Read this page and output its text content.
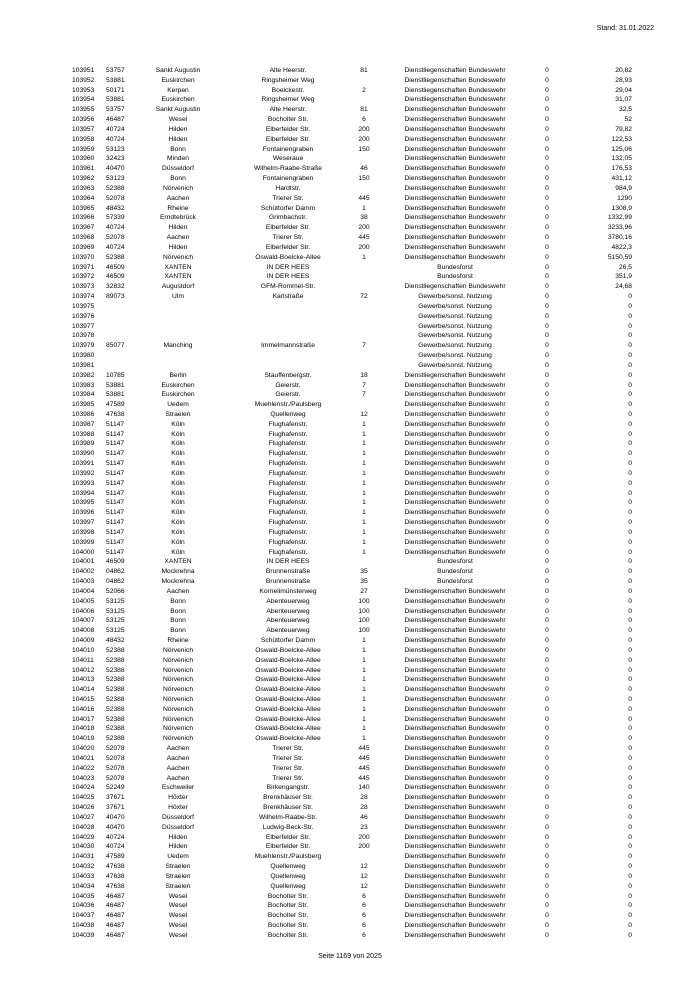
Stand: 31.01.2022
103951	53757	Sankt Augustin	Alte Heerstr.	81	Dienstliegenschaften Bundeswehr	0	20,82
103952	53881	Euskirchen	Ringsheimer Weg		Dienstliegenschaften Bundeswehr	0	28,93
103953	50171	Kerpen	Boelckestr.	2	Dienstliegenschaften Bundeswehr	0	29,04
103954	53881	Euskirchen	Ringsheimer Weg		Dienstliegenschaften Bundeswehr	0	31,07
103955	53757	Sankt Augustin	Alte Heerstr.	81	Dienstliegenschaften Bundeswehr	0	32,5
103956	46487	Wesel	Bocholter Str.	6	Dienstliegenschaften Bundeswehr	0	52
103957	40724	Hilden	Elberfelder Str.	200	Dienstliegenschaften Bundeswehr	0	79,82
103958	40724	Hilden	Elberfelder Str.	200	Dienstliegenschaften Bundeswehr	0	122,53
103959	53123	Bonn	Fontainengraben	150	Dienstliegenschaften Bundeswehr	0	125,06
103960	32423	Minden	Weseraue		Dienstliegenschaften Bundeswehr	0	132,05
103961	40470	Düsseldorf	Wilhelm-Raabe-Straße	46	Dienstliegenschaften Bundeswehr	0	176,53
103962	53123	Bonn	Fontainengraben	150	Dienstliegenschaften Bundeswehr	0	431,12
103963	52388	Nörvenich	Hardtstr.		Dienstliegenschaften Bundeswehr	0	984,9
103964	52078	Aachen	Trierer Str.	445	Dienstliegenschaften Bundeswehr	0	1290
103965	48432	Rheine	Schüttorfer Damm	1	Dienstliegenschaften Bundeswehr	0	1308,9
103966	57339	Erndtebrück	Grimbachstr.	38	Dienstliegenschaften Bundeswehr	0	1332,99
103967	40724	Hilden	Elberfelder Str.	200	Dienstliegenschaften Bundeswehr	0	3233,96
103968	52078	Aachen	Trierer Str.	445	Dienstliegenschaften Bundeswehr	0	3780,16
103969	40724	Hilden	Elberfelder Str.	200	Dienstliegenschaften Bundeswehr	0	4822,3
103970	52388	Nörvenich	Oswald-Boelcke-Allee	1	Dienstliegenschaften Bundeswehr	0	5150,59
103971	46509	XANTEN	IN DER HEES		Bundesforst	0	26,5
103972	46509	XANTEN	IN DER HEES		Bundesforst	0	351,9
103973	32832	Augustdorf	GFM-Rommel-Str.		Dienstliegenschaften Bundeswehr	0	24,68
103974	89073	Ulm	Karlstraße	72	Gewerbe/sonst. Nutzung	0	0
103975					Gewerbe/sonst. Nutzung	0	0
103976					Gewerbe/sonst. Nutzung	0	0
103977					Gewerbe/sonst. Nutzung	0	0
103978					Gewerbe/sonst. Nutzung	0	0
103979	85077	Manching	Immelmannstraße	7	Gewerbe/sonst. Nutzung	0	0
103980					Gewerbe/sonst. Nutzung	0	0
103981					Gewerbe/sonst. Nutzung	0	0
103982	10785	Berlin	Stauffenbergstr.	18	Dienstliegenschaften Bundeswehr	0	0
103983	53881	Euskirchen	Geierstr.	7	Dienstliegenschaften Bundeswehr	0	0
103984	53881	Euskirchen	Geierstr.	7	Dienstliegenschaften Bundeswehr	0	0
103985	47589	Uedem	Muehlenstr./Paulsberg		Dienstliegenschaften Bundeswehr	0	0
103986	47638	Straelen	Quellenweg	12	Dienstliegenschaften Bundeswehr	0	0
103987	51147	Köln	Flughafenstr.	1	Dienstliegenschaften Bundeswehr	0	0
103988	51147	Köln	Flughafenstr.	1	Dienstliegenschaften Bundeswehr	0	0
103989	51147	Köln	Flughafenstr.	1	Dienstliegenschaften Bundeswehr	0	0
103990	51147	Köln	Flughafenstr.	1	Dienstliegenschaften Bundeswehr	0	0
103991	51147	Köln	Flughafenstr.	1	Dienstliegenschaften Bundeswehr	0	0
103992	51147	Köln	Flughafenstr.	1	Dienstliegenschaften Bundeswehr	0	0
103993	51147	Köln	Flughafenstr.	1	Dienstliegenschaften Bundeswehr	0	0
103994	51147	Köln	Flughafenstr.	1	Dienstliegenschaften Bundeswehr	0	0
103995	51147	Köln	Flughafenstr.	1	Dienstliegenschaften Bundeswehr	0	0
103996	51147	Köln	Flughafenstr.	1	Dienstliegenschaften Bundeswehr	0	0
103997	51147	Köln	Flughafenstr.	1	Dienstliegenschaften Bundeswehr	0	0
103998	51147	Köln	Flughafenstr.	1	Dienstliegenschaften Bundeswehr	0	0
103999	51147	Köln	Flughafenstr.	1	Dienstliegenschaften Bundeswehr	0	0
104000	51147	Köln	Flughafenstr.	1	Dienstliegenschaften Bundeswehr	0	0
104001	46509	XANTEN	IN DER HEES		Bundesforst	0	0
104002	04862	Mockrehna	Brunnenstraße	35	Bundesforst	0	0
104003	04862	Mockrehna	Brunnenstraße	35	Bundesforst	0	0
104004	52066	Aachen	Kornelimünsterweg	27	Dienstliegenschaften Bundeswehr	0	0
104005	53125	Bonn	Abenteuerweg	100	Dienstliegenschaften Bundeswehr	0	0
104006	53125	Bonn	Abenteuerweg	100	Dienstliegenschaften Bundeswehr	0	0
104007	53125	Bonn	Abenteuerweg	100	Dienstliegenschaften Bundeswehr	0	0
104008	53125	Bonn	Abenteuerweg	100	Dienstliegenschaften Bundeswehr	0	0
104009	48432	Rheine	Schüttorfer Damm	1	Dienstliegenschaften Bundeswehr	0	0
104010	52388	Nörvenich	Oswald-Boelcke-Allee	1	Dienstliegenschaften Bundeswehr	0	0
104011	52388	Nörvenich	Oswald-Boelcke-Allee	1	Dienstliegenschaften Bundeswehr	0	0
104012	52388	Nörvenich	Oswald-Boelcke-Allee	1	Dienstliegenschaften Bundeswehr	0	0
104013	52388	Nörvenich	Oswald-Boelcke-Allee	1	Dienstliegenschaften Bundeswehr	0	0
104014	52388	Nörvenich	Oswald-Boelcke-Allee	1	Dienstliegenschaften Bundeswehr	0	0
104015	52388	Nörvenich	Oswald-Boelcke-Allee	1	Dienstliegenschaften Bundeswehr	0	0
104016	52388	Nörvenich	Oswald-Boelcke-Allee	1	Dienstliegenschaften Bundeswehr	0	0
104017	52388	Nörvenich	Oswald-Boelcke-Allee	1	Dienstliegenschaften Bundeswehr	0	0
104018	52388	Nörvenich	Oswald-Boelcke-Allee	1	Dienstliegenschaften Bundeswehr	0	0
104019	52388	Nörvenich	Oswald-Boelcke-Allee	1	Dienstliegenschaften Bundeswehr	0	0
104020	52078	Aachen	Trierer Str.	445	Dienstliegenschaften Bundeswehr	0	0
104021	52078	Aachen	Trierer Str.	445	Dienstliegenschaften Bundeswehr	0	0
104022	52078	Aachen	Trierer Str.	445	Dienstliegenschaften Bundeswehr	0	0
104023	52078	Aachen	Trierer Str.	445	Dienstliegenschaften Bundeswehr	0	0
104024	52249	Eschweiler	Birkengangstr.	140	Dienstliegenschaften Bundeswehr	0	0
104025	37671	Höxter	Brenkhäuser Str.	28	Dienstliegenschaften Bundeswehr	0	0
104026	37671	Höxter	Brenkhäuser Str.	28	Dienstliegenschaften Bundeswehr	0	0
104027	40470	Düsseldorf	Wilhelm-Raabe-Str.	46	Dienstliegenschaften Bundeswehr	0	0
104028	40470	Düsseldorf	Ludwig-Beck-Str.	23	Dienstliegenschaften Bundeswehr	0	0
104029	40724	Hilden	Elberfelder Str.	200	Dienstliegenschaften Bundeswehr	0	0
104030	40724	Hilden	Elberfelder Str.	200	Dienstliegenschaften Bundeswehr	0	0
104031	47589	Uedem	Muehlenstr./Paulsberg		Dienstliegenschaften Bundeswehr	0	0
104032	47638	Straelen	Quellenweg	12	Dienstliegenschaften Bundeswehr	0	0
104033	47638	Straelen	Quellenweg	12	Dienstliegenschaften Bundeswehr	0	0
104034	47638	Straelen	Quellenweg	12	Dienstliegenschaften Bundeswehr	0	0
104035	46487	Wesel	Bocholter Str.	6	Dienstliegenschaften Bundeswehr	0	0
104036	46487	Wesel	Bocholter Str.	6	Dienstliegenschaften Bundeswehr	0	0
104037	46487	Wesel	Bocholter Str.	6	Dienstliegenschaften Bundeswehr	0	0
104038	46487	Wesel	Bocholter Str.	6	Dienstliegenschaften Bundeswehr	0	0
104039	46487	Wesel	Bocholter Str.	6	Dienstliegenschaften Bundeswehr	0	0
Seite 1169 von 2025
